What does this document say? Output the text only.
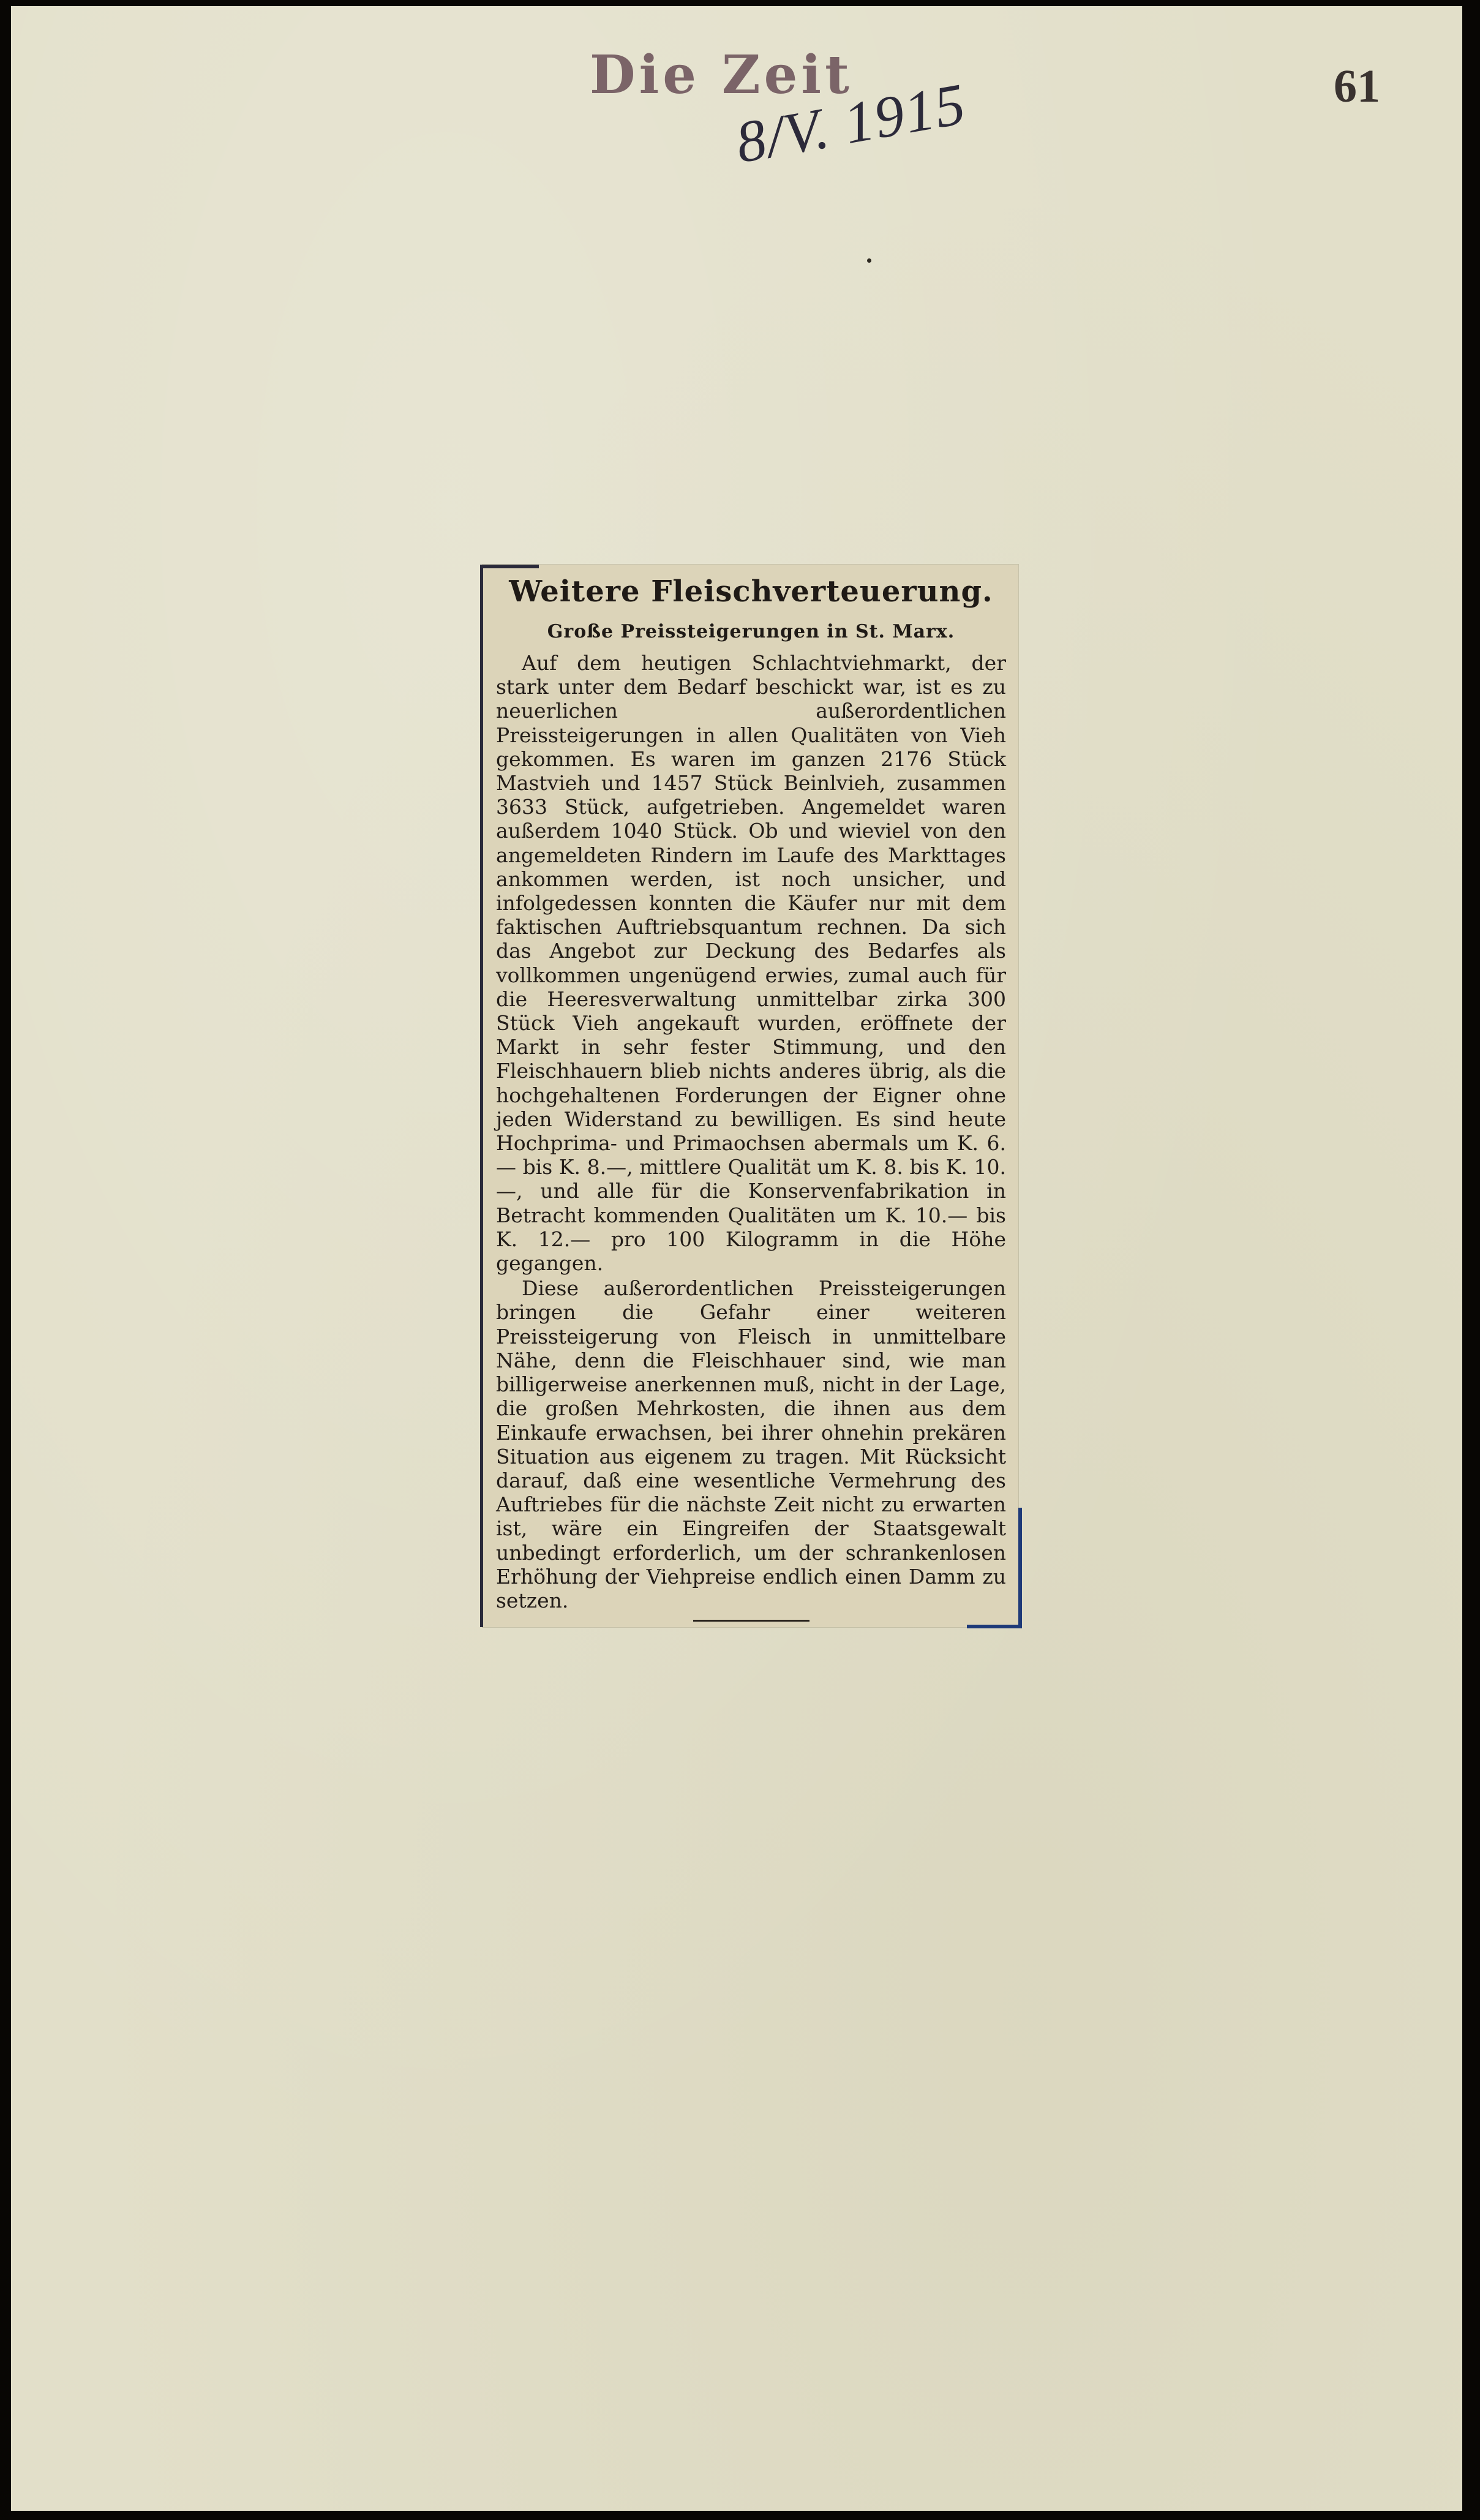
Die Zeit	61
8/V. 1915
Weitere Fleischverteuerung.
Große Preissteigerungen in St. Marx.

Auf dem heutigen Schlachtviehmarkt, der stark unter dem Bedarf beschickt war, ist es zu neuerlichen außerordentlichen Preissteigerungen in allen Qualitäten von Vieh gekommen. Es waren im ganzen 2176 Stück Mastvieh und 1457 Stück Beinlvieh, zusammen 3633 Stück, aufgetrieben. Angemeldet waren außerdem 1040 Stück. Ob und wieviel von den angemeldeten Rindern im Laufe des Markttages ankommen werden, ist noch unsicher, und infolgedessen konnten die Käufer nur mit dem faktischen Auftriebsquantum rechnen. Da sich das Angebot zur Deckung des Bedarfes als vollkommen ungenügend erwies, zumal auch für die Heeresverwaltung unmittelbar zirka 300 Stück Vieh angekauft wurden, eröffnete der Markt in sehr fester Stimmung, und den Fleischhauern blieb nichts anderes übrig, als die hochgehaltenen Forderungen der Eigner ohne jeden Widerstand zu bewilligen. Es sind heute Hochprima- und Primaochsen abermals um K. 6.— bis K. 8.—, mittlere Qualität um K. 8. bis K. 10.—, und alle für die Konservenfabrikation in Betracht kommenden Qualitäten um K. 10.— bis K. 12.— pro 100 Kilogramm in die Höhe gegangen.

Diese außerordentlichen Preissteigerungen bringen die Gefahr einer weiteren Preissteigerung von Fleisch in unmittelbare Nähe, denn die Fleischhauer sind, wie man billigerweise anerkennen muß, nicht in der Lage, die großen Mehrkosten, die ihnen aus dem Einkaufe erwachsen, bei ihrer ohnehin prekären Situation aus eigenem zu tragen. Mit Rücksicht darauf, daß eine wesentliche Vermehrung des Auftriebes für die nächste Zeit nicht zu erwarten ist, wäre ein Eingreifen der Staatsgewalt unbedingt erforderlich, um der schrankenlosen Erhöhung der Viehpreise endlich einen Damm zu setzen.
